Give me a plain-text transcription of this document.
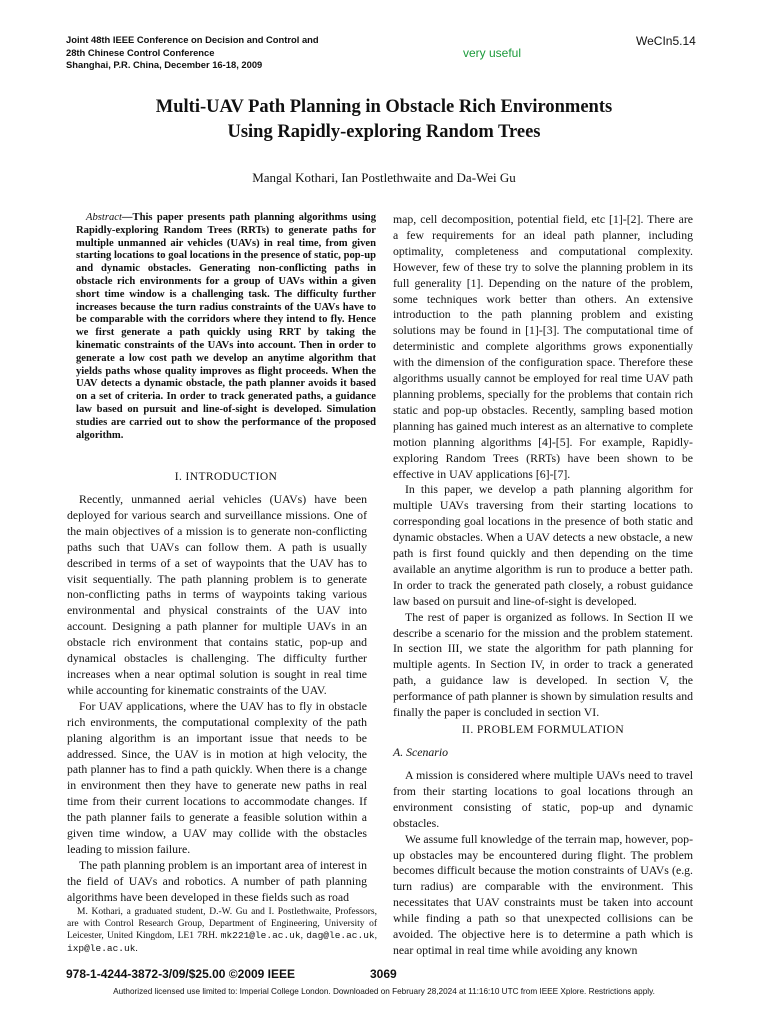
Joint 48th IEEE Conference on Decision and Control and
28th Chinese Control Conference
Shanghai, P.R. China, December 16-18, 2009
very useful
WeCIn5.14
Multi-UAV Path Planning in Obstacle Rich Environments
Using Rapidly-exploring Random Trees
Mangal Kothari, Ian Postlethwaite and Da-Wei Gu
Abstract—This paper presents path planning algorithms using Rapidly-exploring Random Trees (RRTs) to generate paths for multiple unmanned air vehicles (UAVs) in real time, from given starting locations to goal locations in the presence of static, pop-up and dynamic obstacles. Generating non-conflicting paths in obstacle rich environments for a group of UAVs within a given short time window is a challenging task. The difficulty further increases because the turn radius constraints of the UAVs have to be comparable with the corridors where they intend to fly. Hence we first generate a path quickly using RRT by taking the kinematic constraints of the UAVs into account. Then in order to generate a low cost path we develop an anytime algorithm that yields paths whose quality improves as flight proceeds. When the UAV detects a dynamic obstacle, the path planner avoids it based on a set of criteria. In order to track generated paths, a guidance law based on pursuit and line-of-sight is developed. Simulation studies are carried out to show the performance of the proposed algorithm.
I. INTRODUCTION

Recently, unmanned aerial vehicles (UAVs) have been deployed for various search and surveillance missions. One of the main objectives of a mission is to generate non-conflicting paths such that UAVs can follow them. A path is usually described in terms of a set of waypoints that the UAV has to visit sequentially. The path planning problem is to generate non-conflicting paths in terms of waypoints taking various environmental and physical constraints of the UAV into account. Designing a path planner for multiple UAVs in an obstacle rich environment that contains static, pop-up and dynamical obstacles is challenging. The difficulty further increases when a near optimal solution is sought in real time while accounting for kinematic constraints of the UAV.

For UAV applications, where the UAV has to fly in obstacle rich environments, the computational complexity of the path planing algorithm is an important issue that needs to be addressed. Since, the UAV is in motion at high velocity, the path planner has to find a path quickly. When there is a change in environment then they have to generate new paths in real time from their current locations to accommodate changes. If the path planner fails to generate a feasible solution within a given time window, a UAV may collide with the obstacles leading to mission failure.

The path planning problem is an important area of interest in the field of UAVs and robotics. A number of path planning algorithms have been developed in these fields such as road

M. Kothari, a graduated student, D.-W. Gu and I. Postlethwaite, Professors, are with Control Research Group, Department of Engineering, University of Leicester, United Kingdom, LE1 7RH. mk221@le.ac.uk, dag@le.ac.uk, ixp@le.ac.uk.

map, cell decomposition, potential field, etc [1]-[2]. There are a few requirements for an ideal path planner, including optimality, completeness and computational complexity. However, few of these try to solve the planning problem in its full generality [1]. Depending on the nature of the problem, some techniques work better than others. An extensive introduction to the path planning problem and existing solutions may be found in [1]-[3]. The computational time of deterministic and complete algorithms grows exponentially with the dimension of the configuration space. Therefore these algorithms usually cannot be employed for real time UAV path planning problems, specially for the problems that contain rich static and pop-up obstacles. Recently, sampling based motion planning has gained much interest as an alternative to complete motion planning algorithms [4]-[5]. For example, Rapidly-exploring Random Trees (RRTs) have been shown to be effective in UAV applications [6]-[7].

In this paper, we develop a path planning algorithm for multiple UAVs traversing from their starting locations to corresponding goal locations in the presence of both static and dynamic obstacles. When a UAV detects a new obstacle, a new path is first found quickly and then depending on the time available an anytime algorithm is run to produce a better path. In order to track the generated path closely, a robust guidance law based on pursuit and line-of-sight is developed.

The rest of paper is organized as follows. In Section II we describe a scenario for the mission and the problem statement. In section III, we state the algorithm for path planning for multiple agents. In Section IV, in order to track a generated path, a guidance law is developed. In section V, the performance of path planner is shown by simulation results and finally the paper is concluded in section VI.

II. PROBLEM FORMULATION
A. Scenario

A mission is considered where multiple UAVs need to travel from their starting locations to goal locations through an environment consisting of static, pop-up and dynamic obstacles.

We assume full knowledge of the terrain map, however, pop-up obstacles may be encountered during flight. The problem becomes difficult because the motion constraints of UAVs (e.g. turn radius) are comparable with the environment. This necessitates that UAV constraints must be taken into account while finding a path so that unexpected collisions can be avoided. The objective here is to determine a path which is near optimal in real time while avoiding any known

978-1-4244-3872-3/09/$25.00 ©2009 IEEE	3069
Authorized licensed use limited to: Imperial College London. Downloaded on February 28,2024 at 11:16:10 UTC from IEEE Xplore. Restrictions apply.
